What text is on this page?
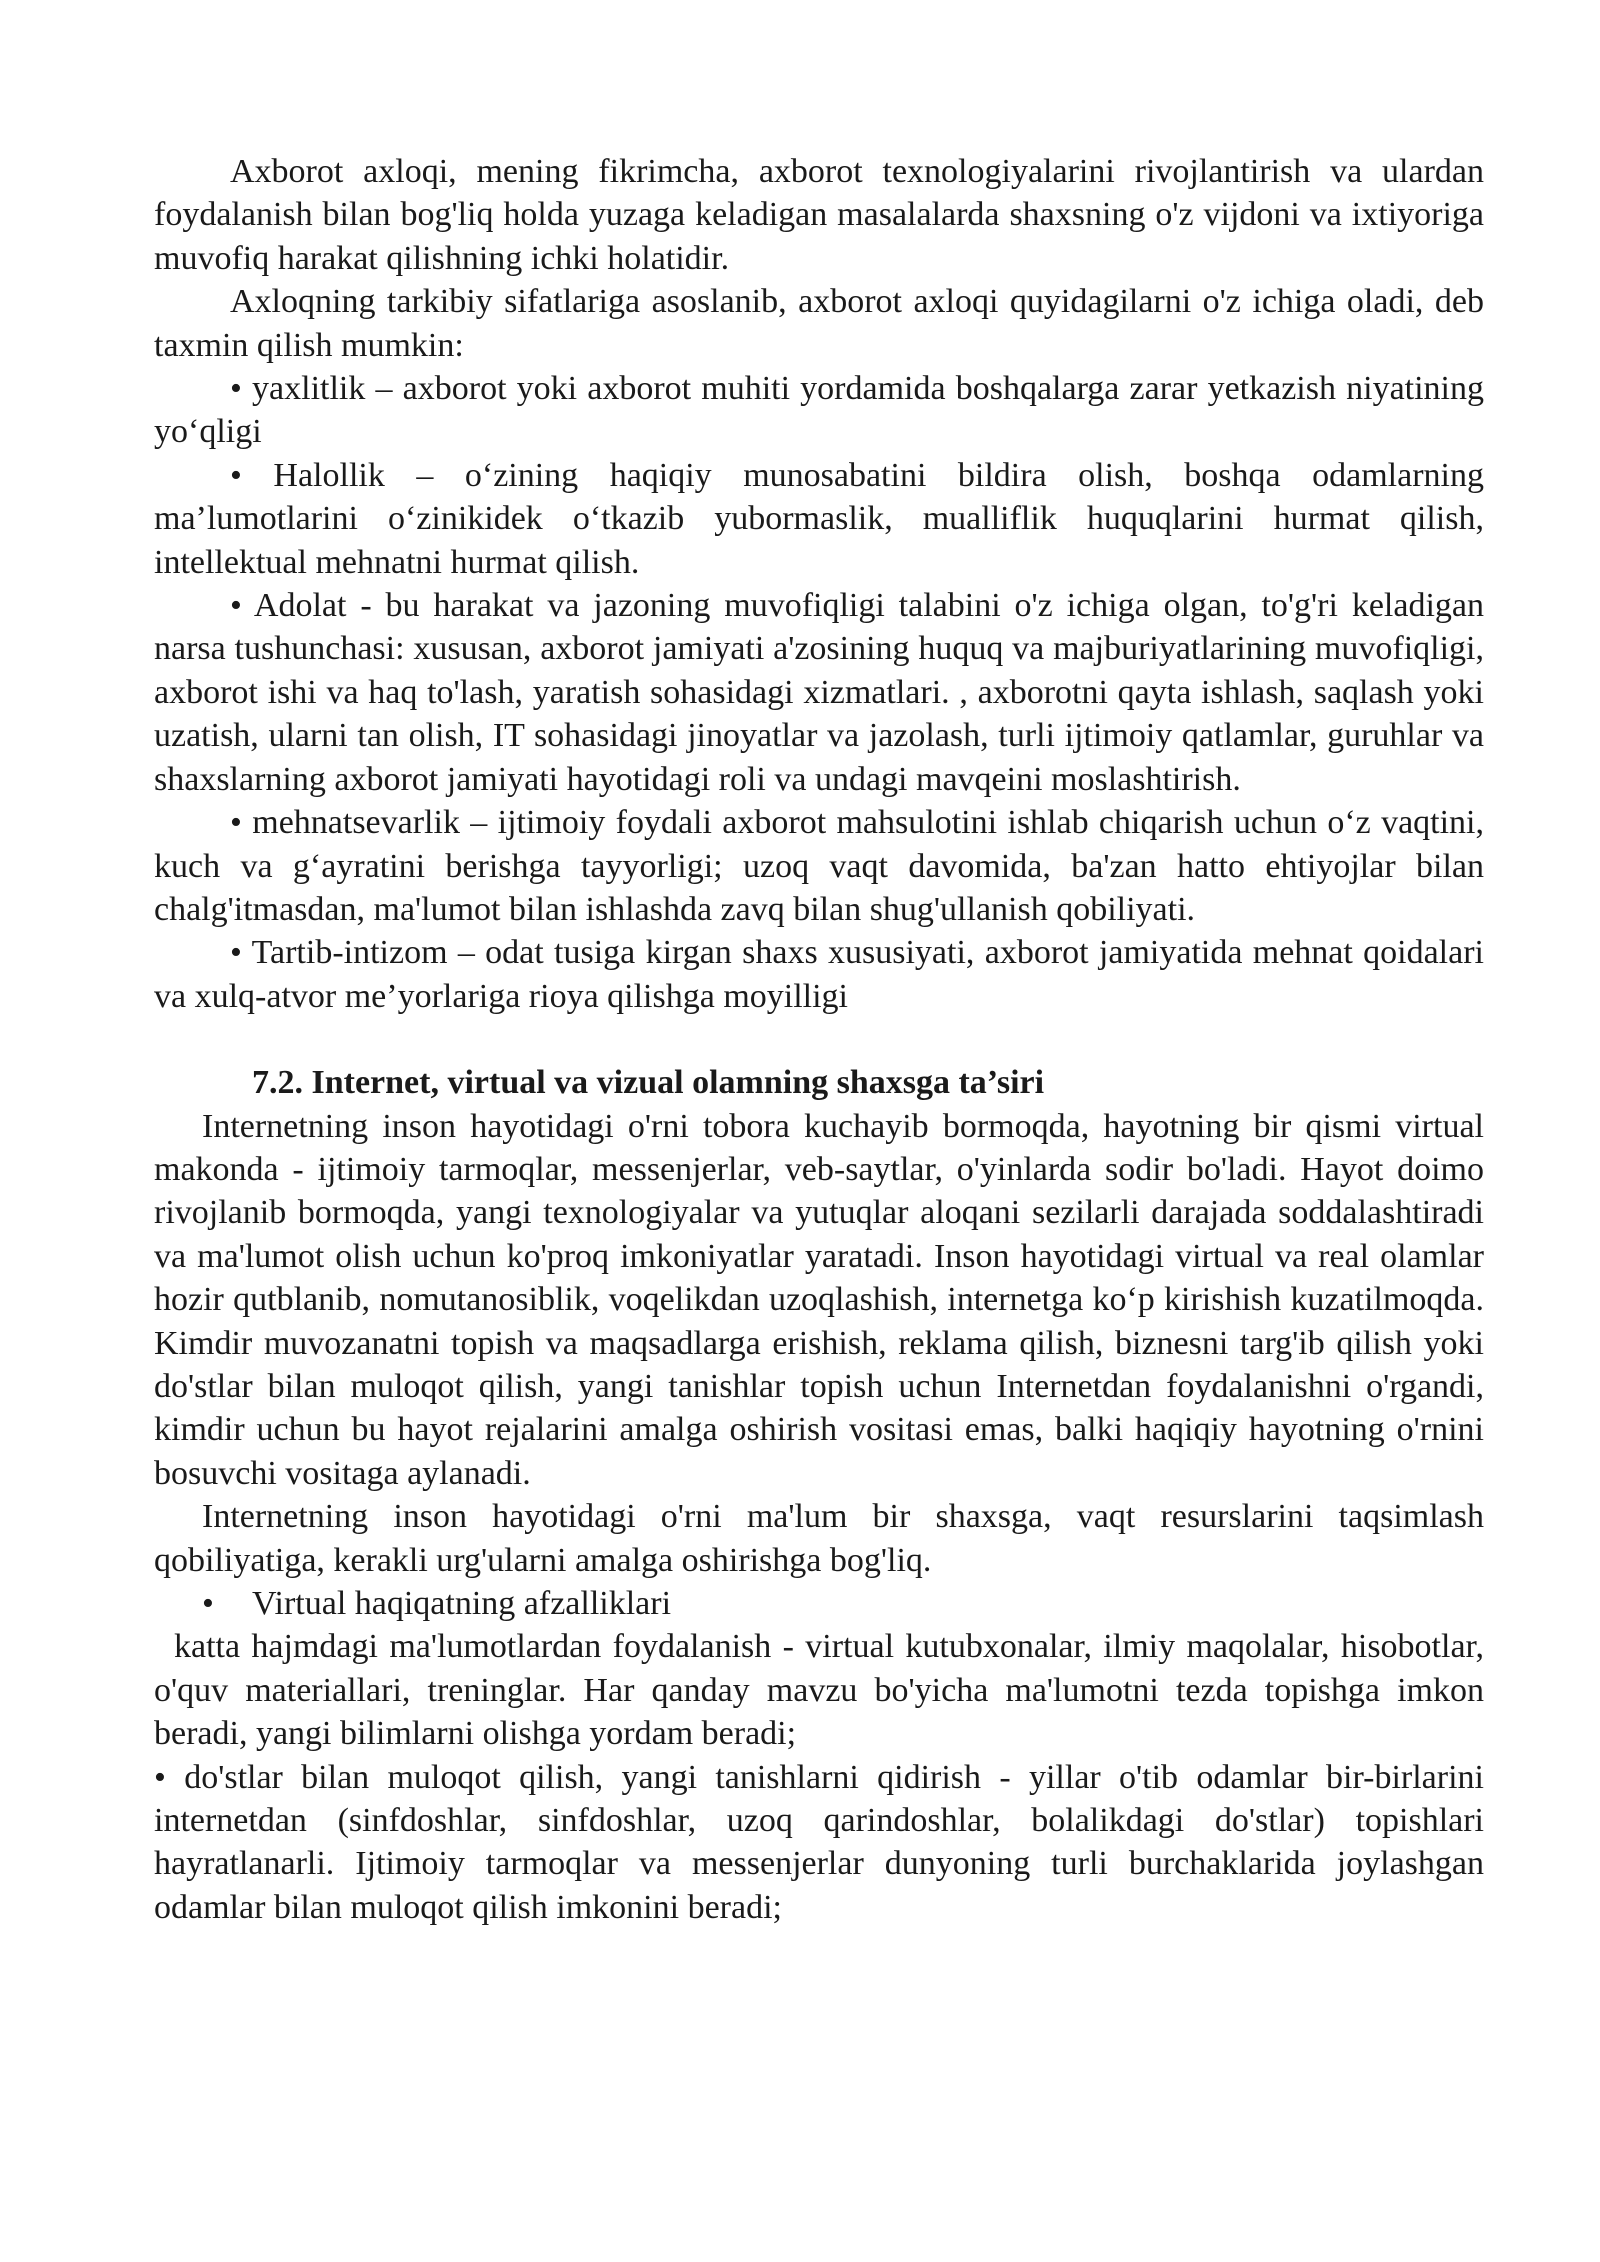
Axborot axloqi, mening fikrimcha, axborot texnologiyalarini rivojlantirish va ulardan foydalanish bilan bog'liq holda yuzaga keladigan masalalarda shaxsning o'z vijdoni va ixtiyoriga muvofiq harakat qilishning ichki holatidir.

Axloqning tarkibiy sifatlariga asoslanib, axborot axloqi quyidagilarni o'z ichiga oladi, deb taxmin qilish mumkin:

• yaxlitlik – axborot yoki axborot muhiti yordamida boshqalarga zarar yetkazish niyatining yo‘qligi

• Halollik – o‘zining haqiqiy munosabatini bildira olish, boshqa odamlarning ma’lumotlarini o‘zinikidek o‘tkazib yubormaslik, mualliflik huquqlarini hurmat qilish, intellektual mehnatni hurmat qilish.

• Adolat - bu harakat va jazoning muvofiqligi talabini o'z ichiga olgan, to'g'ri keladigan narsa tushunchasi: xususan, axborot jamiyati a'zosining huquq va majburiyatlarining muvofiqligi, axborot ishi va haq to'lash, yaratish sohasidagi xizmatlari. , axborotni qayta ishlash, saqlash yoki uzatish, ularni tan olish, IT sohasidagi jinoyatlar va jazolash, turli ijtimoiy qatlamlar, guruhlar va shaxslarning axborot jamiyati hayotidagi roli va undagi mavqeini moslashtirish.

• mehnatsevarlik – ijtimoiy foydali axborot mahsulotini ishlab chiqarish uchun o‘z vaqtini, kuch va g‘ayratini berishga tayyorligi; uzoq vaqt davomida, ba'zan hatto ehtiyojlar bilan chalg'itmasdan, ma'lumot bilan ishlashda zavq bilan shug'ullanish qobiliyati.

• Tartib-intizom – odat tusiga kirgan shaxs xususiyati, axborot jamiyatida mehnat qoidalari va xulq-atvor me’yorlariga rioya qilishga moyilligi

7.2. Internet, virtual va vizual olamning shaxsga ta’siri

Internetning inson hayotidagi o'rni tobora kuchayib bormoqda, hayotning bir qismi virtual makonda - ijtimoiy tarmoqlar, messenjerlar, veb-saytlar, o'yinlarda sodir bo'ladi. Hayot doimo rivojlanib bormoqda, yangi texnologiyalar va yutuqlar aloqani sezilarli darajada soddalashtiradi va ma'lumot olish uchun ko'proq imkoniyatlar yaratadi. Inson hayotidagi virtual va real olamlar hozir qutblanib, nomutanosiblik, voqelikdan uzoqlashish, internetga ko‘p kirishish kuzatilmoqda. Kimdir muvozanatni topish va maqsadlarga erishish, reklama qilish, biznesni targ'ib qilish yoki do'stlar bilan muloqot qilish, yangi tanishlar topish uchun Internetdan foydalanishni o'rgandi, kimdir uchun bu hayot rejalarini amalga oshirish vositasi emas, balki haqiqiy hayotning o'rnini bosuvchi vositaga aylanadi.

Internetning inson hayotidagi o'rni ma'lum bir shaxsga, vaqt resurslarini taqsimlash qobiliyatiga, kerakli urg'ularni amalga oshirishga bog'liq.

•	Virtual haqiqatning afzalliklari

katta hajmdagi ma'lumotlardan foydalanish - virtual kutubxonalar, ilmiy maqolalar, hisobotlar, o'quv materiallari, treninglar. Har qanday mavzu bo'yicha ma'lumotni tezda topishga imkon beradi, yangi bilimlarni olishga yordam beradi;

• do'stlar bilan muloqot qilish, yangi tanishlarni qidirish - yillar o'tib odamlar bir-birlarini internetdan (sinfdoshlar, sinfdoshlar, uzoq qarindoshlar, bolalikdagi do'stlar) topishlari hayratlanarli. Ijtimoiy tarmoqlar va messenjerlar dunyoning turli burchaklarida joylashgan odamlar bilan muloqot qilish imkonini beradi;
